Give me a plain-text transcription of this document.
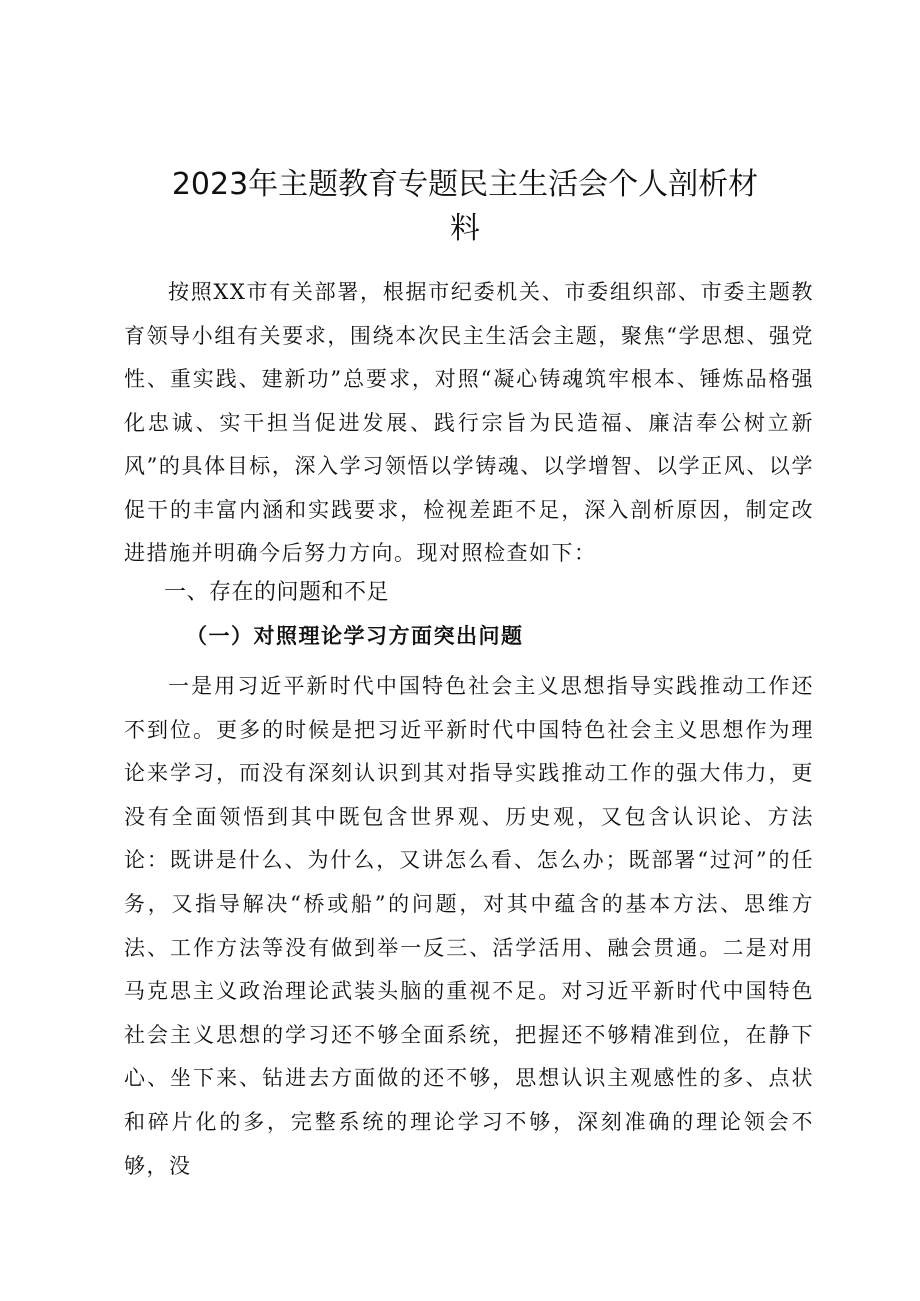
2023年主题教育专题民主生活会个人剖析材
料

按照XX市有关部署，根据市纪委机关、市委组织部、市委主题教育领导小组有关要求，围绕本次民主生活会主题，聚焦“学思想、强党性、重实践、建新功”总要求，对照“凝心铸魂筑牢根本、锤炼品格强化忠诚、实干担当促进发展、践行宗旨为民造福、廉洁奉公树立新风”的具体目标，深入学习领悟以学铸魂、以学增智、以学正风、以学促干的丰富内涵和实践要求，检视差距不足，深入剖析原因，制定改进措施并明确今后努力方向。现对照检查如下：

一、存在的问题和不足
（一）对照理论学习方面突出问题

一是用习近平新时代中国特色社会主义思想指导实践推动工作还不到位。更多的时候是把习近平新时代中国特色社会主义思想作为理论来学习，而没有深刻认识到其对指导实践推动工作的强大伟力，更没有全面领悟到其中既包含世界观、历史观，又包含认识论、方法论：既讲是什么、为什么，又讲怎么看、怎么办；既部署“过河”的任务，又指导解决“桥或船”的问题，对其中蕴含的基本方法、思维方法、工作方法等没有做到举一反三、活学活用、融会贯通。二是对用马克思主义政治理论武装头脑的重视不足。对习近平新时代中国特色社会主义思想的学习还不够全面系统，把握还不够精准到位，在静下心、坐下来、钻进去方面做的还不够，思想认识主观感性的多、点状和碎片化的多，完整系统的理论学习不够，深刻准确的理论领会不够，没
